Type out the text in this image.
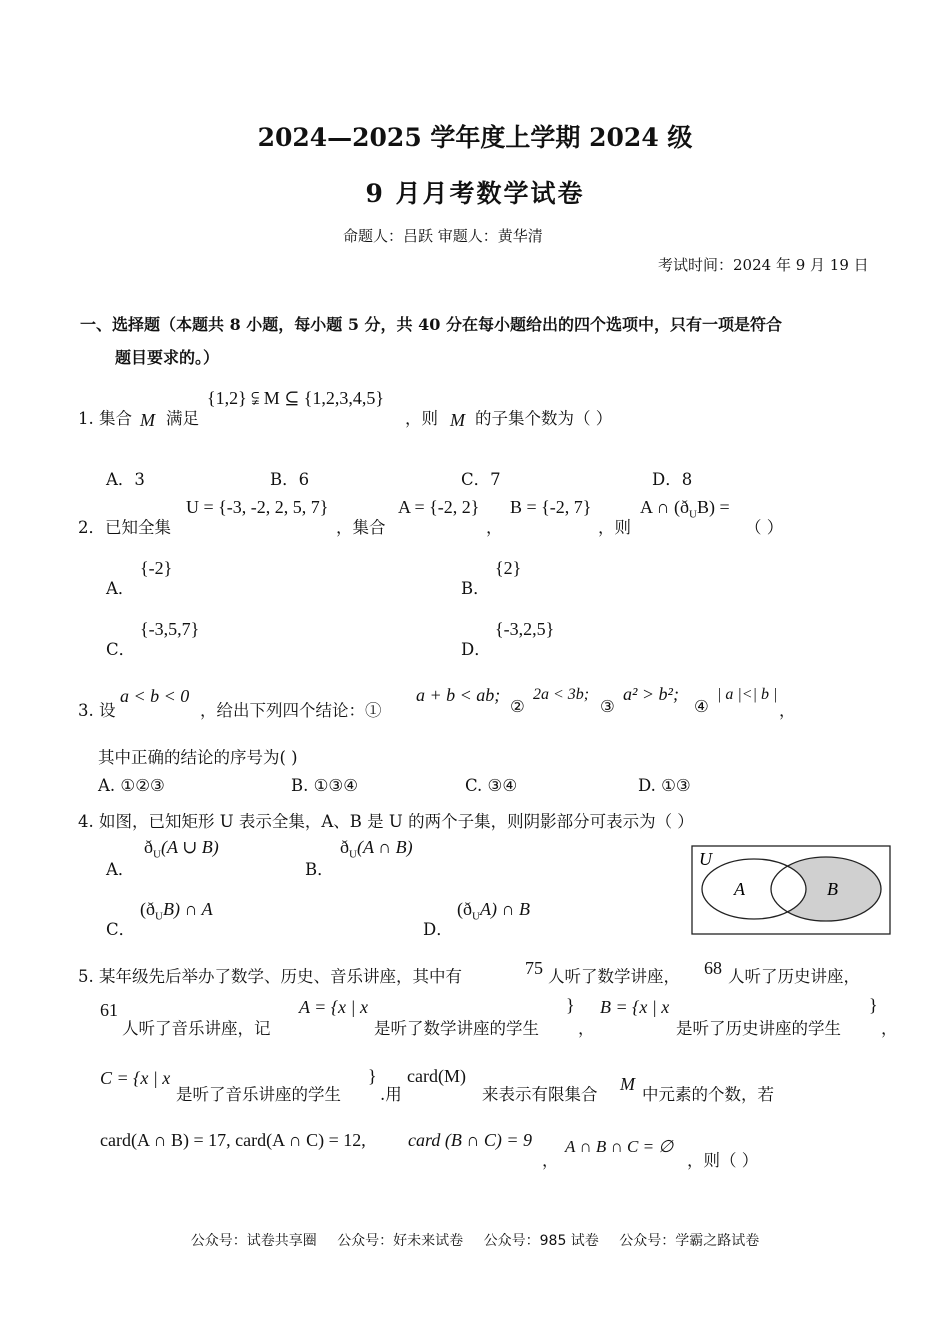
2024—2025 学年度上学期 2024 级
9 月月考数学试卷
命题人：吕跃 审题人：黄华清
考试时间：2024 年 9 月 19 日
一、选择题（本题共 8 小题，每小题 5 分，共 40 分在每小题给出的四个选项中，只有一项是符合
题目要求的。）
1. 集合 M 满足
{1,2} ⫋ M ⊆ {1,2,3,4,5}
，则 M 的子集个数为（ ）
A．3	B．6	C．7	D．8
2．已知全集
U = {-3, -2, 2, 5, 7}
，集合
A = {-2, 2}
，
B = {-2, 7}
，则
A ∩ $(ð_UB)$ =
（ ）
A．
{-2}
B．
{2}
C．
{-3,5,7}
D．
{-3,2,5}
3. 设
a < b < 0
，给出下列四个结论：①
a + b < ab;
②
2a < 3b;
③
a² > b²;
④
| a |<| b |
，
其中正确的结论的序号为( )
A. ①②③	B. ①③④	C. ③④	D. ①③
4. 如图，已知矩形 U 表示全集，A、B 是 U 的两个子集，则阴影部分可表示为（ ）
A．
$ð_U(A$ ∪ B)
B．
$ð_U(A$ ∩ B)
C．
$(ð_UB)$ ∩ A
D．
$(ð_UA)$ ∩ B
U
A	B
5. 某年级先后举办了数学、历史、音乐讲座，其中有	75 人听了数学讲座， 68 人听了历史讲座，
61
人听了音乐讲座，记
A = {x | x
是听了数学讲座的学生
}
，
B = {x | x
是听了历史讲座的学生
}
，
C = {x | x
是听了音乐讲座的学生
}
.用
card(M)
来表示有限集合
M
中元素的个数，若
card(A ∩ B) = 17, card(A ∩ C) = 12, card (B ∩ C) = 9
，
A ∩ B ∩ C = ∅
，则（ ）
公众号：试卷共享圈 公众号：好未来试卷 公众号：985 试卷 公众号：学霸之路试卷
